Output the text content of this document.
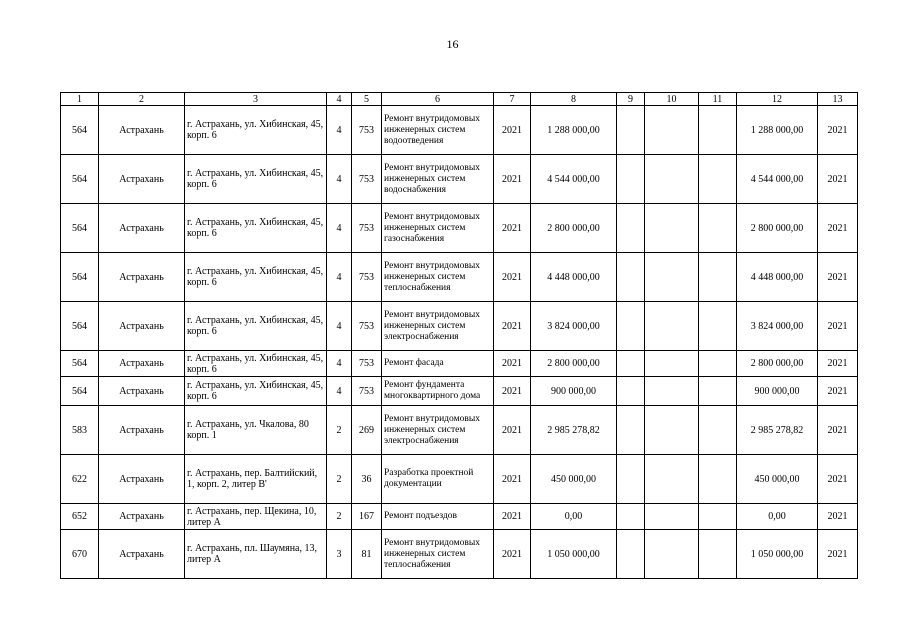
16
1	2	3	4	5	6	7	8	9	10	11	12	13
564	Астрахань	г. Астрахань, ул. Хибинская, 45, корп. 6	4	753	Ремонт внутридомовых инженерных систем водоотведения	2021	1 288 000,00				1 288 000,00	2021
564	Астрахань	г. Астрахань, ул. Хибинская, 45, корп. 6	4	753	Ремонт внутридомовых инженерных систем водоснабжения	2021	4 544 000,00				4 544 000,00	2021
564	Астрахань	г. Астрахань, ул. Хибинская, 45, корп. 6	4	753	Ремонт внутридомовых инженерных систем газоснабжения	2021	2 800 000,00				2 800 000,00	2021
564	Астрахань	г. Астрахань, ул. Хибинская, 45, корп. 6	4	753	Ремонт внутридомовых инженерных систем теплоснабжения	2021	4 448 000,00				4 448 000,00	2021
564	Астрахань	г. Астрахань, ул. Хибинская, 45, корп. 6	4	753	Ремонт внутридомовых инженерных систем электроснабжения	2021	3 824 000,00				3 824 000,00	2021
564	Астрахань	г. Астрахань, ул. Хибинская, 45, корп. 6	4	753	Ремонт фасада	2021	2 800 000,00				2 800 000,00	2021
564	Астрахань	г. Астрахань, ул. Хибинская, 45, корп. 6	4	753	Ремонт фундамента многоквартирного дома	2021	900 000,00				900 000,00	2021
583	Астрахань	г. Астрахань, ул. Чкалова, 80 корп. 1	2	269	Ремонт внутридомовых инженерных систем электроснабжения	2021	2 985 278,82				2 985 278,82	2021
622	Астрахань	г. Астрахань, пер. Балтийский, 1, корп. 2, литер В'	2	36	Разработка проектной документации	2021	450 000,00				450 000,00	2021
652	Астрахань	г. Астрахань, пер. Щекина, 10, литер А	2	167	Ремонт подъездов	2021	0,00				0,00	2021
670	Астрахань	г. Астрахань, пл. Шаумяна, 13, литер А	3	81	Ремонт внутридомовых инженерных систем теплоснабжения	2021	1 050 000,00				1 050 000,00	2021
